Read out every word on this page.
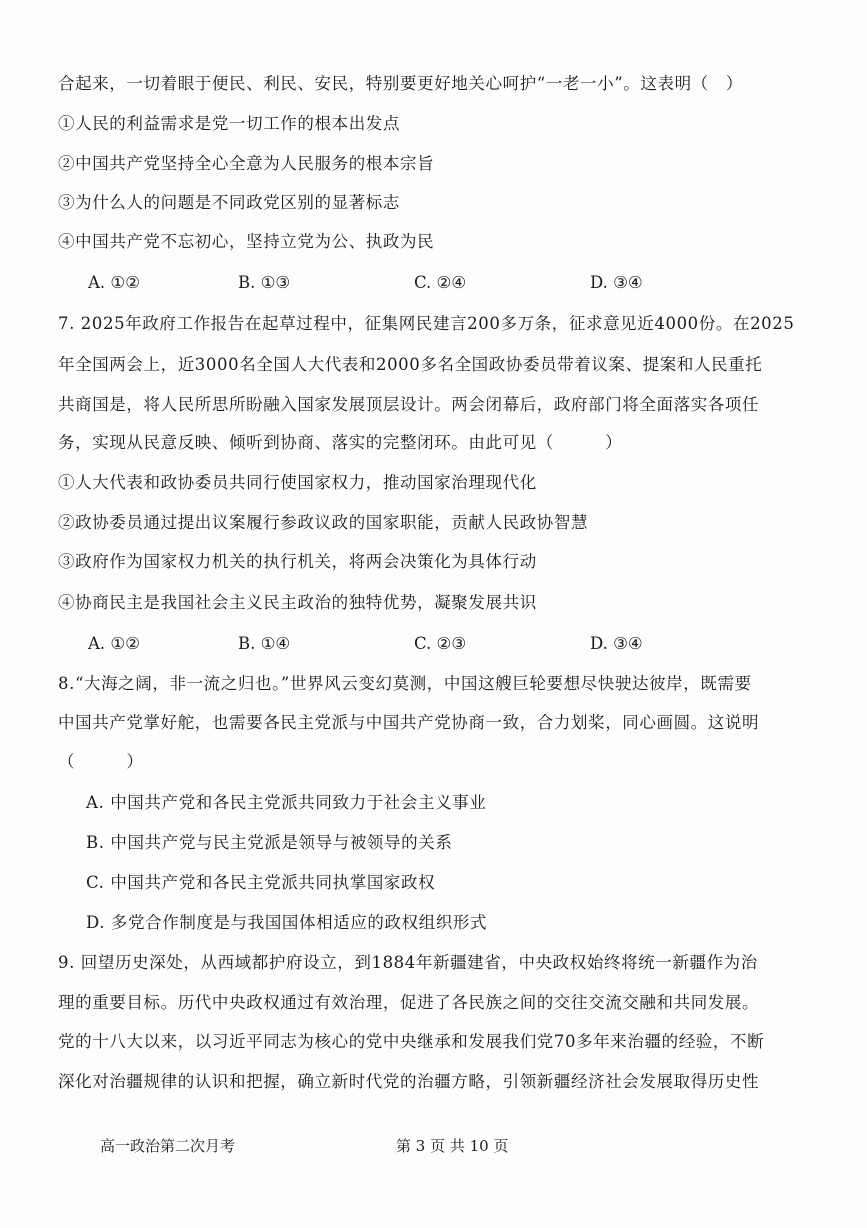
合起来，一切着眼于便民、利民、安民，特别要更好地关心呵护“一老一小”。这表明（　）
①人民的利益需求是党一切工作的根本出发点
②中国共产党坚持全心全意为人民服务的根本宗旨
③为什么人的问题是不同政党区别的显著标志
④中国共产党不忘初心，坚持立党为公、执政为民
A. ①②	B. ①③	C. ②④	D. ③④
7. 2025年政府工作报告在起草过程中，征集网民建言200多万条，征求意见近4000份。在2025
年全国两会上，近3000名全国人大代表和2000多名全国政协委员带着议案、提案和人民重托
共商国是，将人民所思所盼融入国家发展顶层设计。两会闭幕后，政府部门将全面落实各项任
务，实现从民意反映、倾听到协商、落实的完整闭环。由此可见（　　　）
①人大代表和政协委员共同行使国家权力，推动国家治理现代化
②政协委员通过提出议案履行参政议政的国家职能，贡献人民政协智慧
③政府作为国家权力机关的执行机关，将两会决策化为具体行动
④协商民主是我国社会主义民主政治的独特优势，凝聚发展共识
A. ①②	B. ①④	C. ②③	D. ③④
8.“大海之阔，非一流之归也。”世界风云变幻莫测，中国这艘巨轮要想尽快驶达彼岸，既需要
中国共产党掌好舵，也需要各民主党派与中国共产党协商一致，合力划桨，同心画圆。这说明
（　　　）
A. 中国共产党和各民主党派共同致力于社会主义事业
B. 中国共产党与民主党派是领导与被领导的关系
C. 中国共产党和各民主党派共同执掌国家政权
D. 多党合作制度是与我国国体相适应的政权组织形式
9. 回望历史深处，从西域都护府设立，到1884年新疆建省，中央政权始终将统一新疆作为治
理的重要目标。历代中央政权通过有效治理，促进了各民族之间的交往交流交融和共同发展。
党的十八大以来，以习近平同志为核心的党中央继承和发展我们党70多年来治疆的经验，不断
深化对治疆规律的认识和把握，确立新时代党的治疆方略，引领新疆经济社会发展取得历史性
高一政治第二次月考	第 3 页 共 10 页
